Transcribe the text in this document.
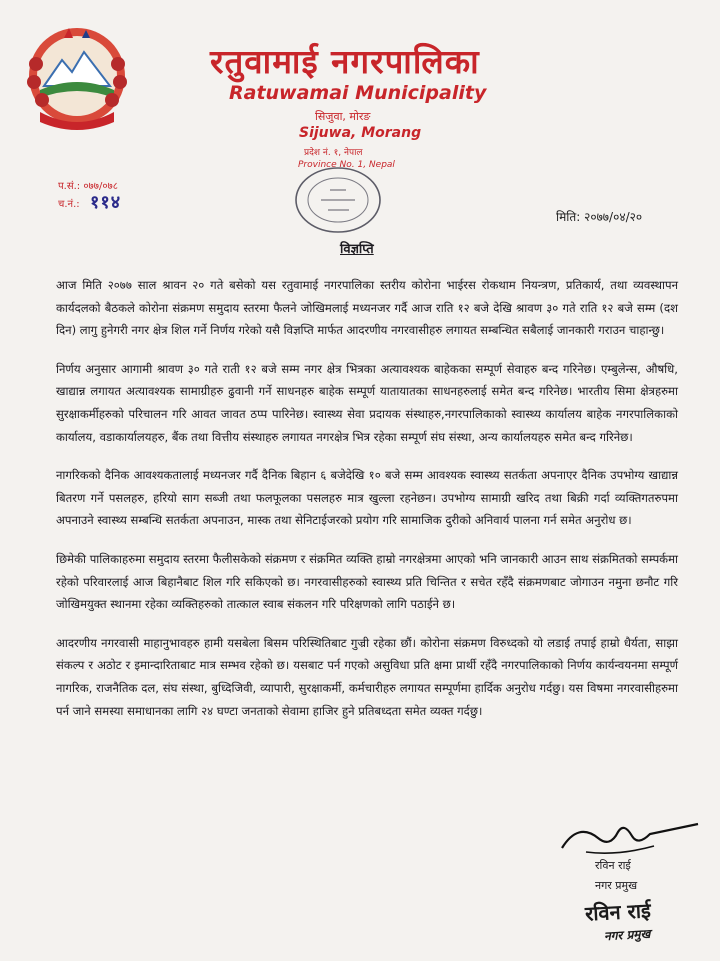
रतुवामाई नगरपालिका
Ratuwamai Municipality
सिजुवा, मोरङ
Sijuwa, Morang
प्रदेश नं. १, नेपाल
Province No. 1, Nepal
प.सं.: ०७७/०७८
च.नं.: ११४
मिति: २०७७/०४/२०
विज्ञप्ति

आज मिति २०७७ साल श्रावन २० गते बसेको यस रतुवामाई नगरपालिका स्तरीय कोरोना भाईरस रोकथाम नियन्त्रण, प्रतिकार्य, तथा व्यवस्थापन कार्यदलको बैठकले कोरोना संक्रमण समुदाय स्तरमा फैलने जोखिमलाई मध्यनजर गर्दै आज राति १२ बजे देखि श्रावण ३० गते राति १२ बजे सम्म (दश दिन) लागु हुनेगरी नगर क्षेत्र शिल गर्ने निर्णय गरेको यसै विज्ञप्ति मार्फत आदरणीय नगरवासीहरु लगायत सम्बन्धित सबैलाई जानकारी गराउन चाहान्छु।

निर्णय अनुसार आगामी श्रावण ३० गते राती १२ बजे सम्म नगर क्षेत्र भित्रका अत्यावश्यक बाहेकका सम्पूर्ण सेवाहरु बन्द गरिनेछ। एम्बुलेन्स, औषधि, खाद्यान्न लगायत अत्यावश्यक सामाग्रीहरु ढुवानी गर्ने साधनहरु बाहेक सम्पूर्ण यातायातका साधनहरुलाई समेत बन्द गरिनेछ। भारतीय सिमा क्षेत्रहरुमा सुरक्षाकर्मीहरुको परिचालन गरि आवत जावत ठप्प पारिनेछ। स्वास्थ्य सेवा प्रदायक संस्थाहरु,नगरपालिकाको स्वास्थ्य कार्यालय बाहेक नगरपालिकाको कार्यालय, वडाकार्यालयहरु, बैंक तथा वित्तीय संस्थाहरु लगायत नगरक्षेत्र भित्र रहेका सम्पूर्ण संघ संस्था, अन्य कार्यालयहरु समेत बन्द गरिनेछ।

नागरिकको दैनिक आवश्यकतालाई मध्यनजर गर्दै दैनिक बिहान ६ बजेदेखि १० बजे सम्म आवश्यक स्वास्थ्य सतर्कता अपनाएर दैनिक उपभोग्य खाद्यान्न बितरण गर्ने पसलहरु, हरियो साग सब्जी तथा फलफूलका पसलहरु मात्र खुल्ला रहनेछन। उपभोग्य सामाग्री खरिद तथा बिक्री गर्दा व्यक्तिगतरुपमा अपनाउने स्वास्थ्य सम्बन्धि सतर्कता अपनाउन, मास्क तथा सेनिटाईजरको प्रयोग गरि सामाजिक दुरीको अनिवार्य पालना गर्न समेत अनुरोध छ।

छिमेकी पालिकाहरुमा समुदाय स्तरमा फैलीसकेको संक्रमण र संक्रमित व्यक्ति हाम्रो नगरक्षेत्रमा आएको भनि जानकारी आउन साथ संक्रमितको सम्पर्कमा रहेको परिवारलाई आज बिहानैबाट शिल गरि सकिएको छ। नगरवासीहरुको स्वास्थ्य प्रति चिन्तित र सचेत रहँदै संक्रमणबाट जोगाउन नमुना छनौट गरि जोखिमयुक्त स्थानमा रहेका व्यक्तिहरुको तात्काल स्वाब संकलन गरि परिक्षणको लागि पठाईने छ।

आदरणीय नगरवासी माहानुभावहरु हामी यसबेला बिसम परिस्थितिबाट गुज्री रहेका छौं। कोरोना संक्रमण विरुध्दको यो लडाई तपाई हाम्रो धैर्यता, साझा संकल्प र अठोट र इमान्दारिताबाट मात्र सम्भव रहेको छ। यसबाट पर्न गएको असुविधा प्रति क्षमा प्रार्थी रहँदै नगरपालिकाको निर्णय कार्यन्वयनमा सम्पूर्ण नागरिक, राजनैतिक दल, संघ संस्था, बुध्दिजिवी, व्यापारी, सुरक्षाकर्मी, कर्मचारीहरु लगायत सम्पूर्णमा हार्दिक अनुरोध गर्दछु। यस विषमा नगरवासीहरुमा पर्न जाने समस्या समाधानका लागि २४ घण्टा जनताको सेवामा हाजिर हुने प्रतिबध्दता समेत व्यक्त गर्दछु।

रविन राई
नगर प्रमुख
रविन राई
नगर प्रमुख
